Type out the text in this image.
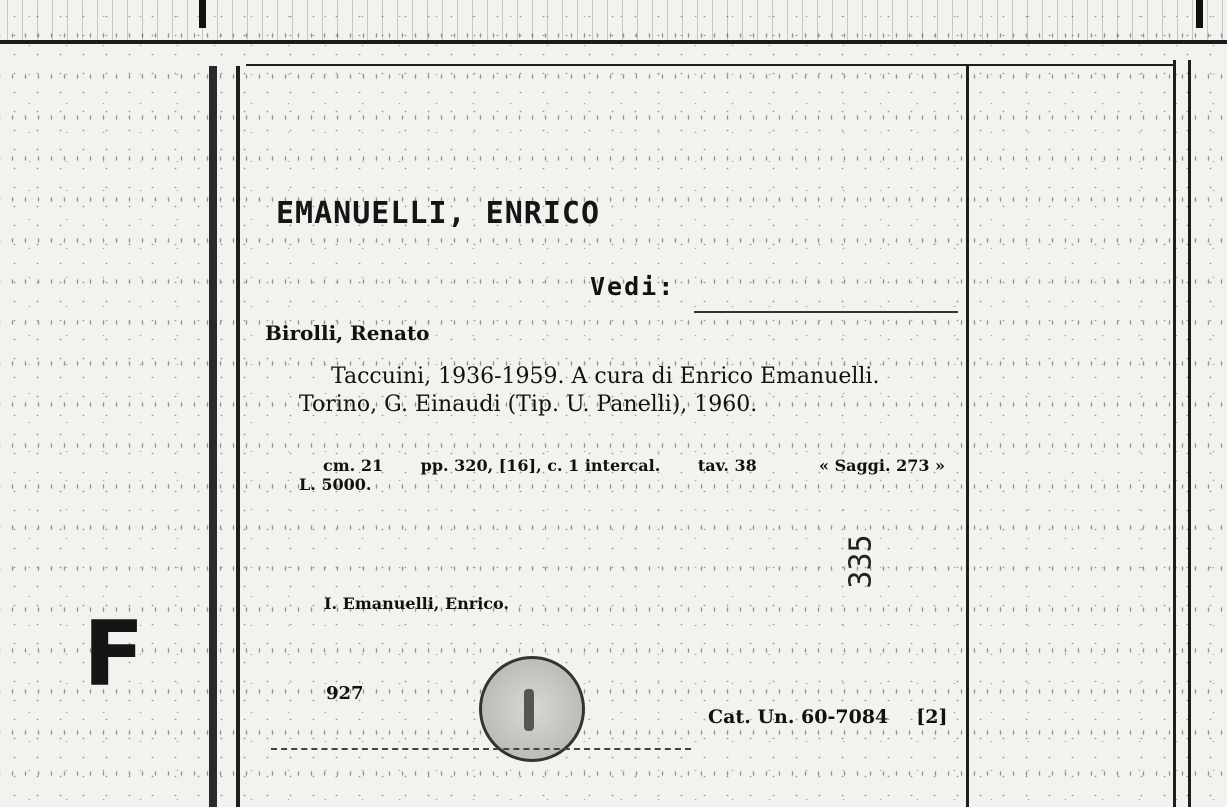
F
EMANUELLI, ENRICO
Vedi:
Birolli, Renato
Taccuini, 1936-1959. A cura di Enrico Emanuelli.
Torino, G. Einaudi (Tip. U. Panelli), 1960.
cm. 21 pp. 320, [16], c. 1 intercal. tav. 38
L. 5000.
« Saggi. 273 »
335
I. Emanuelli, Enrico.
927
Cat. Un. 60-7084 [2]
